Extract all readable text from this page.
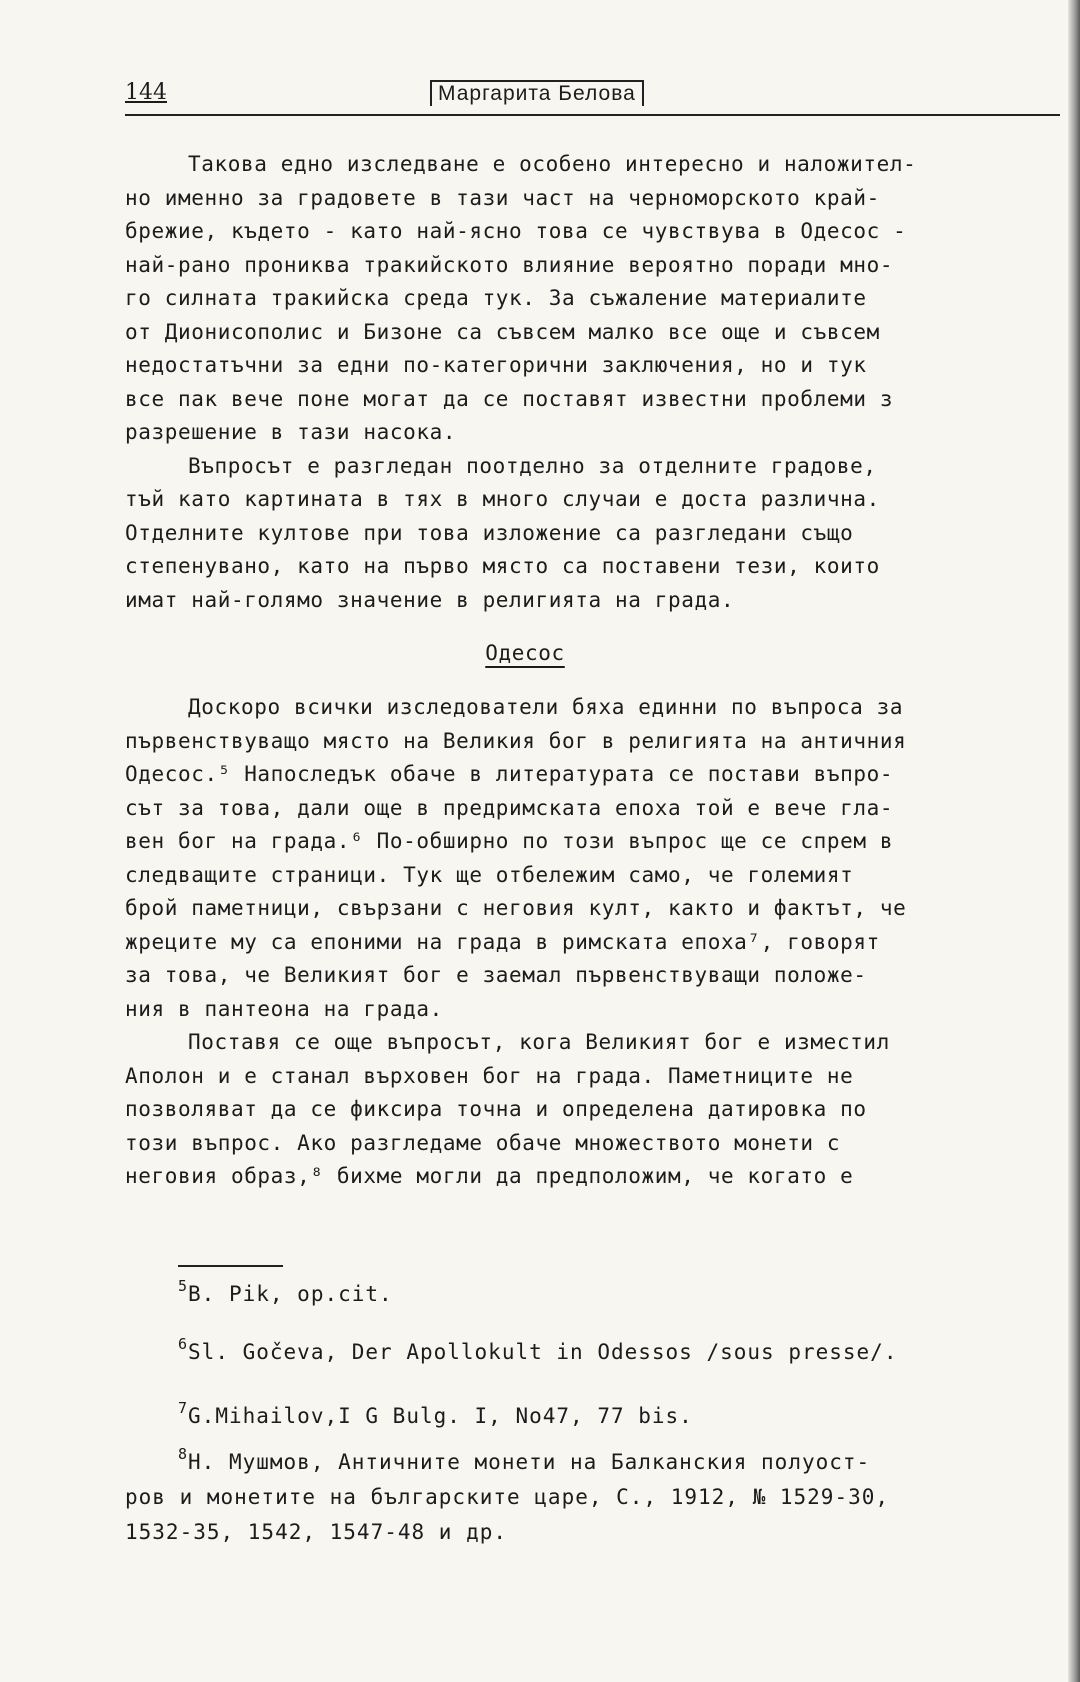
144	Маргарита Белова
Такова едно изследване е особено интересно и наложител-
но именно за градовете в тази част на черноморското край-
брежие, където - като най-ясно това се чувствува в Одесос -
най-рано прониква тракийското влияние вероятно поради мно-
го силната тракийска среда тук. За съжаление материалите
от Дионисополис и Бизоне са съвсем малко все още и съвсем
недостатъчни за едни по-категорични заключения, но и тук
все пак вече поне могат да се поставят известни проблеми з
разрешение в тази насока.
Въпросът е разгледан поотделно за отделните градове,
тъй като картината в тях в много случаи е доста различна.
Отделните култове при това изложение са разгледани също
степенувано, като на първо място са поставени тези, които
имат най-голямо значение в религията на града.
Одесос
Доскоро всички изследователи бяха единни по въпроса за
първенствуващо място на Великия бог в религията на античния
Одесос.⁵ Напоследък обаче в литературата се постави въпро-
сът за това, дали още в предримската епоха той е вече гла-
вен бог на града.⁶ По-обширно по този въпрос ще се спрем в
следващите страници. Тук ще отбележим само, че големият
брой паметници, свързани с неговия култ, както и фактът, че
жреците му са епоними на града в римската епоха⁷, говорят
за това, че Великият бог е заемал първенствуващи положе-
ния в пантеона на града.
Поставя се още въпросът, кога Великият бог е изместил
Аполон и е станал върховен бог на града. Паметниците не
позволяват да се фиксира точна и определена датировка по
този въпрос. Ако разгледаме обаче множеството монети с
неговия образ,⁸ бихме могли да предположим, че когато е
$^5$B. Pik, op.cit.
$^6$Sl. Gočeva, Der Apollokult in Odessos /sous presse/.
$^7$G.Mihailov,I G Bulg. I, No47, 77 bis.
$^8$Н. Мушмов, Античните монети на Балканския полуост-
ров и монетите на българските царе, С., 1912, № 1529-30,
1532-35, 1542, 1547-48 и др.
